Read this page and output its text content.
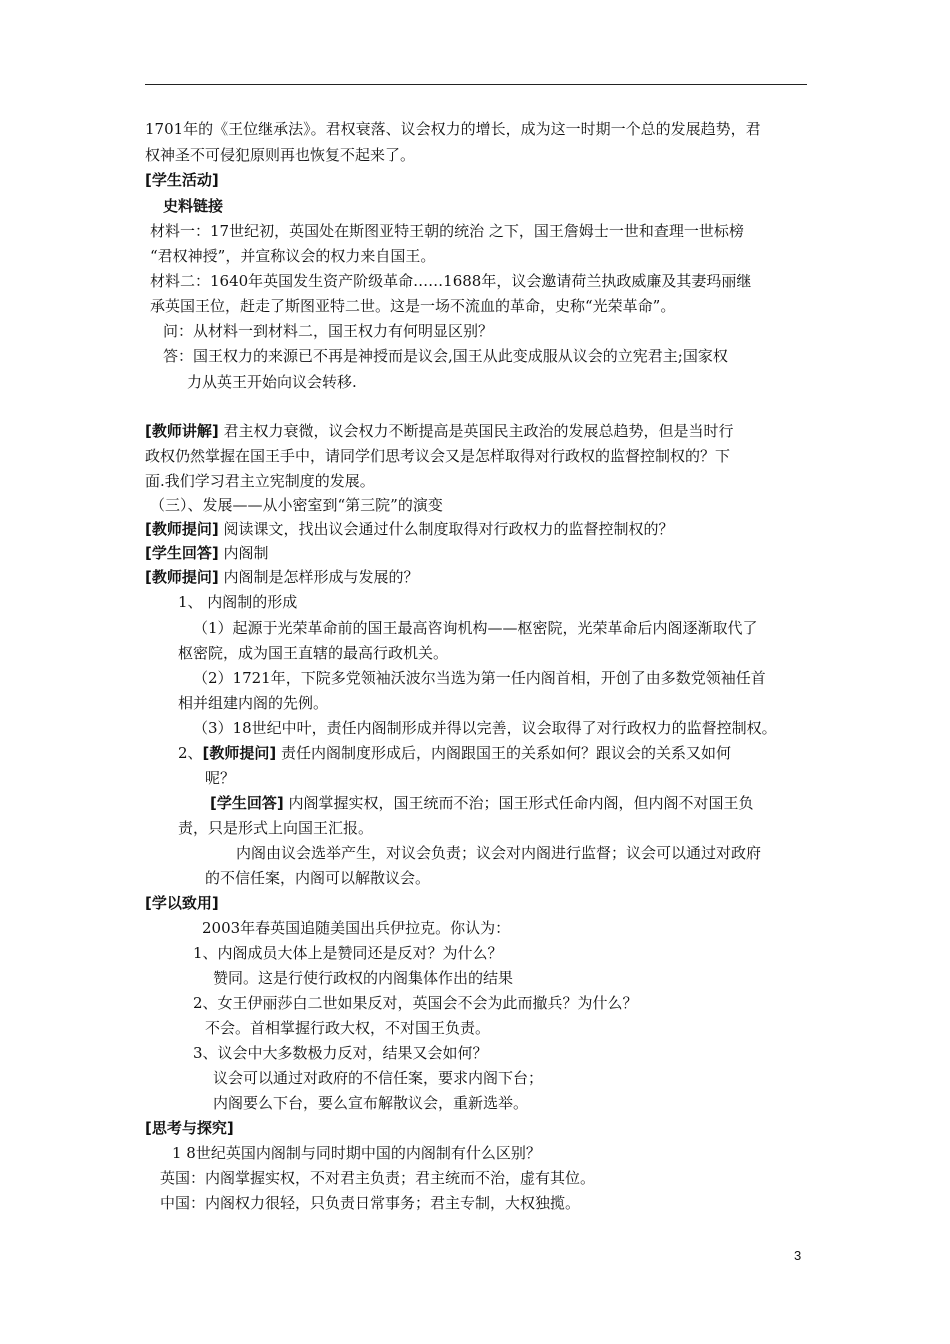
1701年的《王位继承法》。君权衰落、议会权力的增长，成为这一时期一个总的发展趋势，君
权神圣不可侵犯原则再也恢复不起来了。
[学生活动]
史料链接
材料一：17世纪初，英国处在斯图亚特王朝的统治 之下，国王詹姆士一世和查理一世标榜
“君权神授”，并宣称议会的权力来自国王。
材料二：1640年英国发生资产阶级革命……1688年，议会邀请荷兰执政威廉及其妻玛丽继
承英国王位，赶走了斯图亚特二世。这是一场不流血的革命，史称“光荣革命”。
问：从材料一到材料二，国王权力有何明显区别？
答：国王权力的来源已不再是神授而是议会,国王从此变成服从议会的立宪君主;国家权
力从英王开始向议会转移.
[教师讲解] 君主权力衰微，议会权力不断提高是英国民主政治的发展总趋势，但是当时行
政权仍然掌握在国王手中，请同学们思考议会又是怎样取得对行政权的监督控制权的？下
面.我们学习君主立宪制度的发展。
（三）、发展——从小密室到“第三院”的演变
[教师提问] 阅读课文，找出议会通过什么制度取得对行政权力的监督控制权的？
[学生回答] 内阁制
[教师提问] 内阁制是怎样形成与发展的？
1、 内阁制的形成
（1）起源于光荣革命前的国王最高咨询机构——枢密院，光荣革命后内阁逐渐取代了
枢密院，成为国王直辖的最高行政机关。
（2）1721年，下院多党领袖沃波尔当选为第一任内阁首相，开创了由多数党领袖任首
相并组建内阁的先例。
（3）18世纪中叶，责任内阁制形成并得以完善，议会取得了对行政权力的监督控制权。
2、[教师提问] 责任内阁制度形成后，内阁跟国王的关系如何？跟议会的关系又如何
呢？
[学生回答] 内阁掌握实权，国王统而不治；国王形式任命内阁，但内阁不对国王负
责，只是形式上向国王汇报。
内阁由议会选举产生，对议会负责；议会对内阁进行监督；议会可以通过对政府
的不信任案，内阁可以解散议会。
[学以致用]
2003年春英国追随美国出兵伊拉克。你认为：
1、内阁成员大体上是赞同还是反对？为什么？
赞同。这是行使行政权的内阁集体作出的结果
2、女王伊丽莎白二世如果反对，英国会不会为此而撤兵？为什么？
不会。首相掌握行政大权，不对国王负责。
3、议会中大多数极力反对，结果又会如何？
议会可以通过对政府的不信任案，要求内阁下台；
内阁要么下台，要么宣布解散议会，重新选举。
[思考与探究]
1 8世纪英国内阁制与同时期中国的内阁制有什么区别？
英国：内阁掌握实权，不对君主负责；君主统而不治，虚有其位。
中国：内阁权力很轻，只负责日常事务；君主专制，大权独揽。
3
